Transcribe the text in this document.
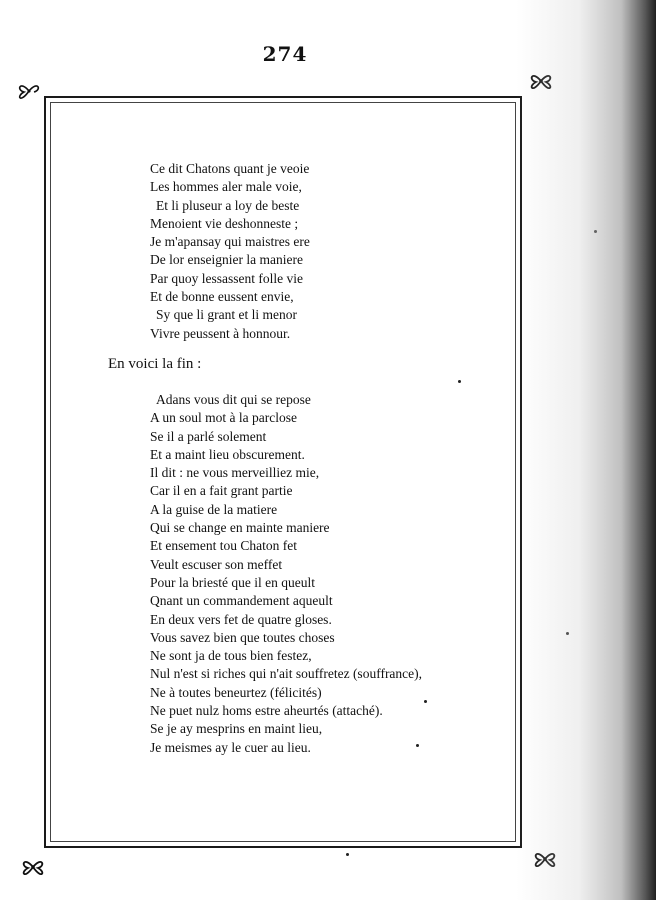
274
Ce dit Chatons quant je veoie
Les hommes aler male voie,
Et li pluseur a loy de beste
Menoient vie deshonneste ;
Je m'apansay qui maistres ere
De lor enseignier la maniere
Par quoy lessassent folle vie
Et de bonne eussent envie,
Sy que li grant et li menor
Vivre peussent à honnour.
En voici la fin :
Adans vous dit qui se repose
A un soul mot à la parclose
Se il a parlé solement
Et a maint lieu obscurement.
Il dit : ne vous merveilliez mie,
Car il en a fait grant partie
A la guise de la matiere
Qui se change en mainte maniere
Et ensement tou Chaton fet
Veult escuser son meffet
Pour la briesté que il en queult
Qnant un commandement aqueult
En deux vers fet de quatre gloses.
Vous savez bien que toutes choses
Ne sont ja de tous bien festez,
Nul n'est si riches qui n'ait souffretez (souffrance),
Ne à toutes beneurtez (félicités)
Ne puet nulz homs estre aheurtés (attaché).
Se je ay mesprins en maint lieu,
Je meismes ay le cuer au lieu.
